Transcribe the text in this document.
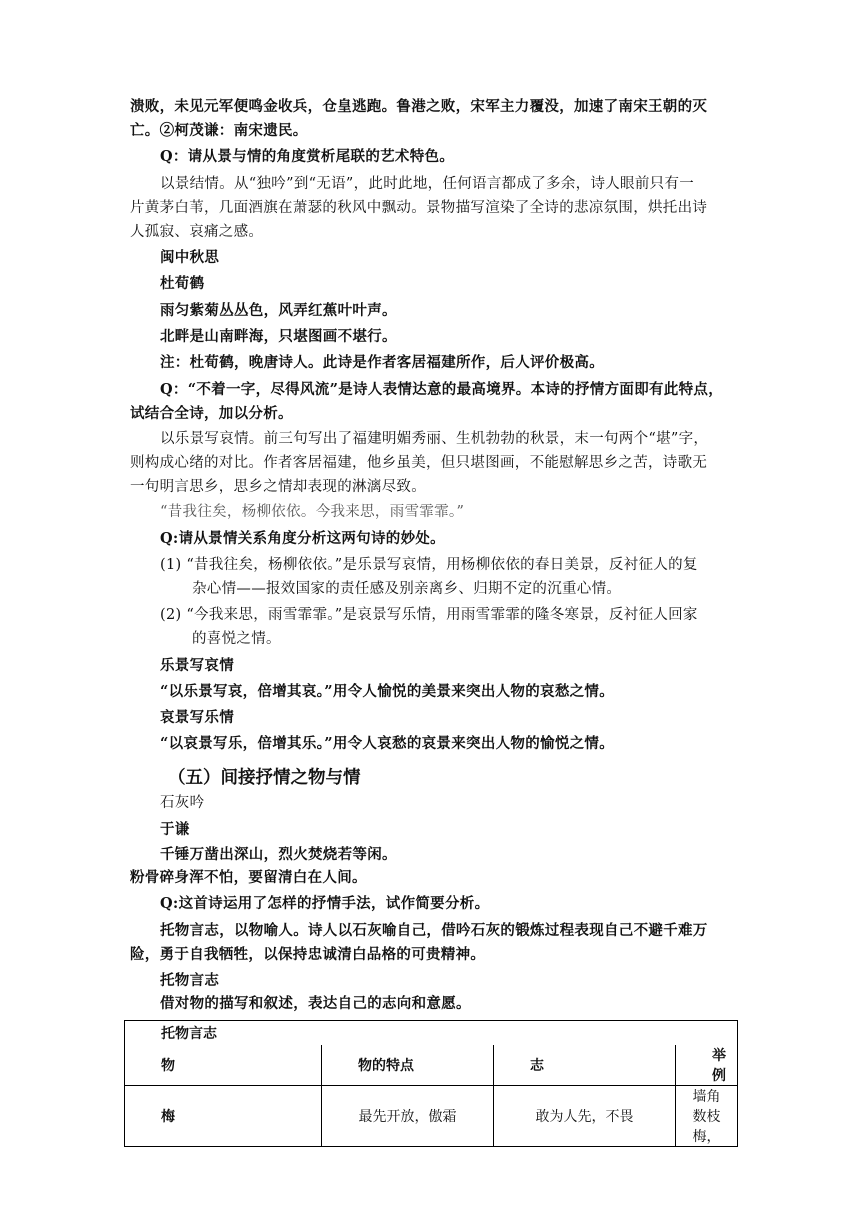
溃败，未见元军便鸣金收兵，仓皇逃跑。鲁港之败，宋军主力覆没，加速了南宋王朝的灭
亡。②柯茂谦：南宋遗民。
Q：请从景与情的角度赏析尾联的艺术特色。
以景结情。从“独吟”到“无语”，此时此地，任何语言都成了多余，诗人眼前只有一
片黄茅白苇，几面酒旗在萧瑟的秋风中飘动。景物描写渲染了全诗的悲凉氛围，烘托出诗
人孤寂、哀痛之感。
闽中秋思
杜荀鹤
雨匀紫菊丛丛色，风弄红蕉叶叶声。
北畔是山南畔海，只堪图画不堪行。
注：杜荀鹤，晚唐诗人。此诗是作者客居福建所作，后人评价极高。
Q：“不着一字，尽得风流”是诗人表情达意的最高境界。本诗的抒情方面即有此特点，
试结合全诗，加以分析。
以乐景写哀情。前三句写出了福建明媚秀丽、生机勃勃的秋景，末一句两个“堪”字，
则构成心绪的对比。作者客居福建，他乡虽美，但只堪图画，不能慰解思乡之苦，诗歌无
一句明言思乡，思乡之情却表现的淋漓尽致。
“昔我往矣，杨柳依依。今我来思，雨雪霏霏。”
Q:请从景情关系角度分析这两句诗的妙处。
(1) “昔我往矣，杨柳依依。”是乐景写哀情，用杨柳依依的春日美景，反衬征人的复
杂心情——报效国家的责任感及别亲离乡、归期不定的沉重心情。
(2) “今我来思，雨雪霏霏。”是哀景写乐情，用雨雪霏霏的隆冬寒景，反衬征人回家
的喜悦之情。
乐景写哀情
“以乐景写哀，倍增其哀。”用令人愉悦的美景来突出人物的哀愁之情。
哀景写乐情
“以哀景写乐，倍增其乐。”用令人哀愁的哀景来突出人物的愉悦之情。
石灰吟
于谦
千锤万凿出深山，烈火焚烧若等闲。
粉骨碎身浑不怕，要留清白在人间。
Q:这首诗运用了怎样的抒情手法，试作简要分析。
托物言志，以物喻人。诗人以石灰喻自己，借吟石灰的锻炼过程表现自己不避千难万
险，勇于自我牺牲，以保持忠诚清白品格的可贵精神。
托物言志
借对物的描写和叙述，表达自己的志向和意愿。
（五）间接抒情之物与情
托物言志			
物	物的特点	志	举例
梅	最先开放，傲霜	敢为人先，不畏	墙角数枝梅，
